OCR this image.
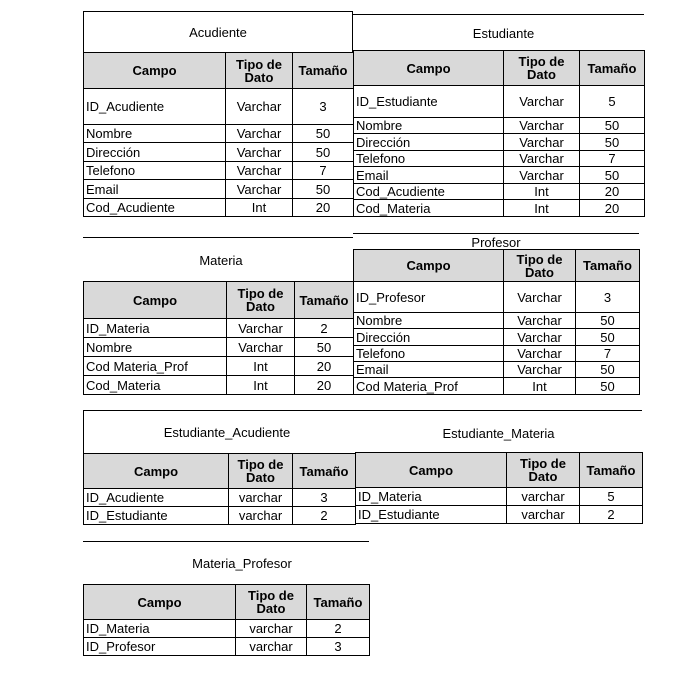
Acudiente
Campo	Tipo de Dato	Tamaño
ID_Acudiente	Varchar	3
Nombre	Varchar	50
Dirección	Varchar	50
Telefono	Varchar	7
Email	Varchar	50
Cod_Acudiente	Int	20
Estudiante
Campo	Tipo de Dato	Tamaño
ID_Estudiante	Varchar	5
Nombre	Varchar	50
Dirección	Varchar	50
Telefono	Varchar	7
Email	Varchar	50
Cod_Acudiente	Int	20
Cod_Materia	Int	20
Materia
Campo	Tipo de Dato	Tamaño
ID_Materia	Varchar	2
Nombre	Varchar	50
Cod Materia_Prof	Int	20
Cod_Materia	Int	20
Profesor
Campo	Tipo de Dato	Tamaño
ID_Profesor	Varchar	3
Nombre	Varchar	50
Dirección	Varchar	50
Telefono	Varchar	7
Email	Varchar	50
Cod Materia_Prof	Int	50
Estudiante_Acudiente
Campo	Tipo de Dato	Tamaño
ID_Acudiente	varchar	3
ID_Estudiante	varchar	2
Estudiante_Materia
Campo	Tipo de Dato	Tamaño
ID_Materia	varchar	5
ID_Estudiante	varchar	2
Materia_Profesor
Campo	Tipo de Dato	Tamaño
ID_Materia	varchar	2
ID_Profesor	varchar	3
